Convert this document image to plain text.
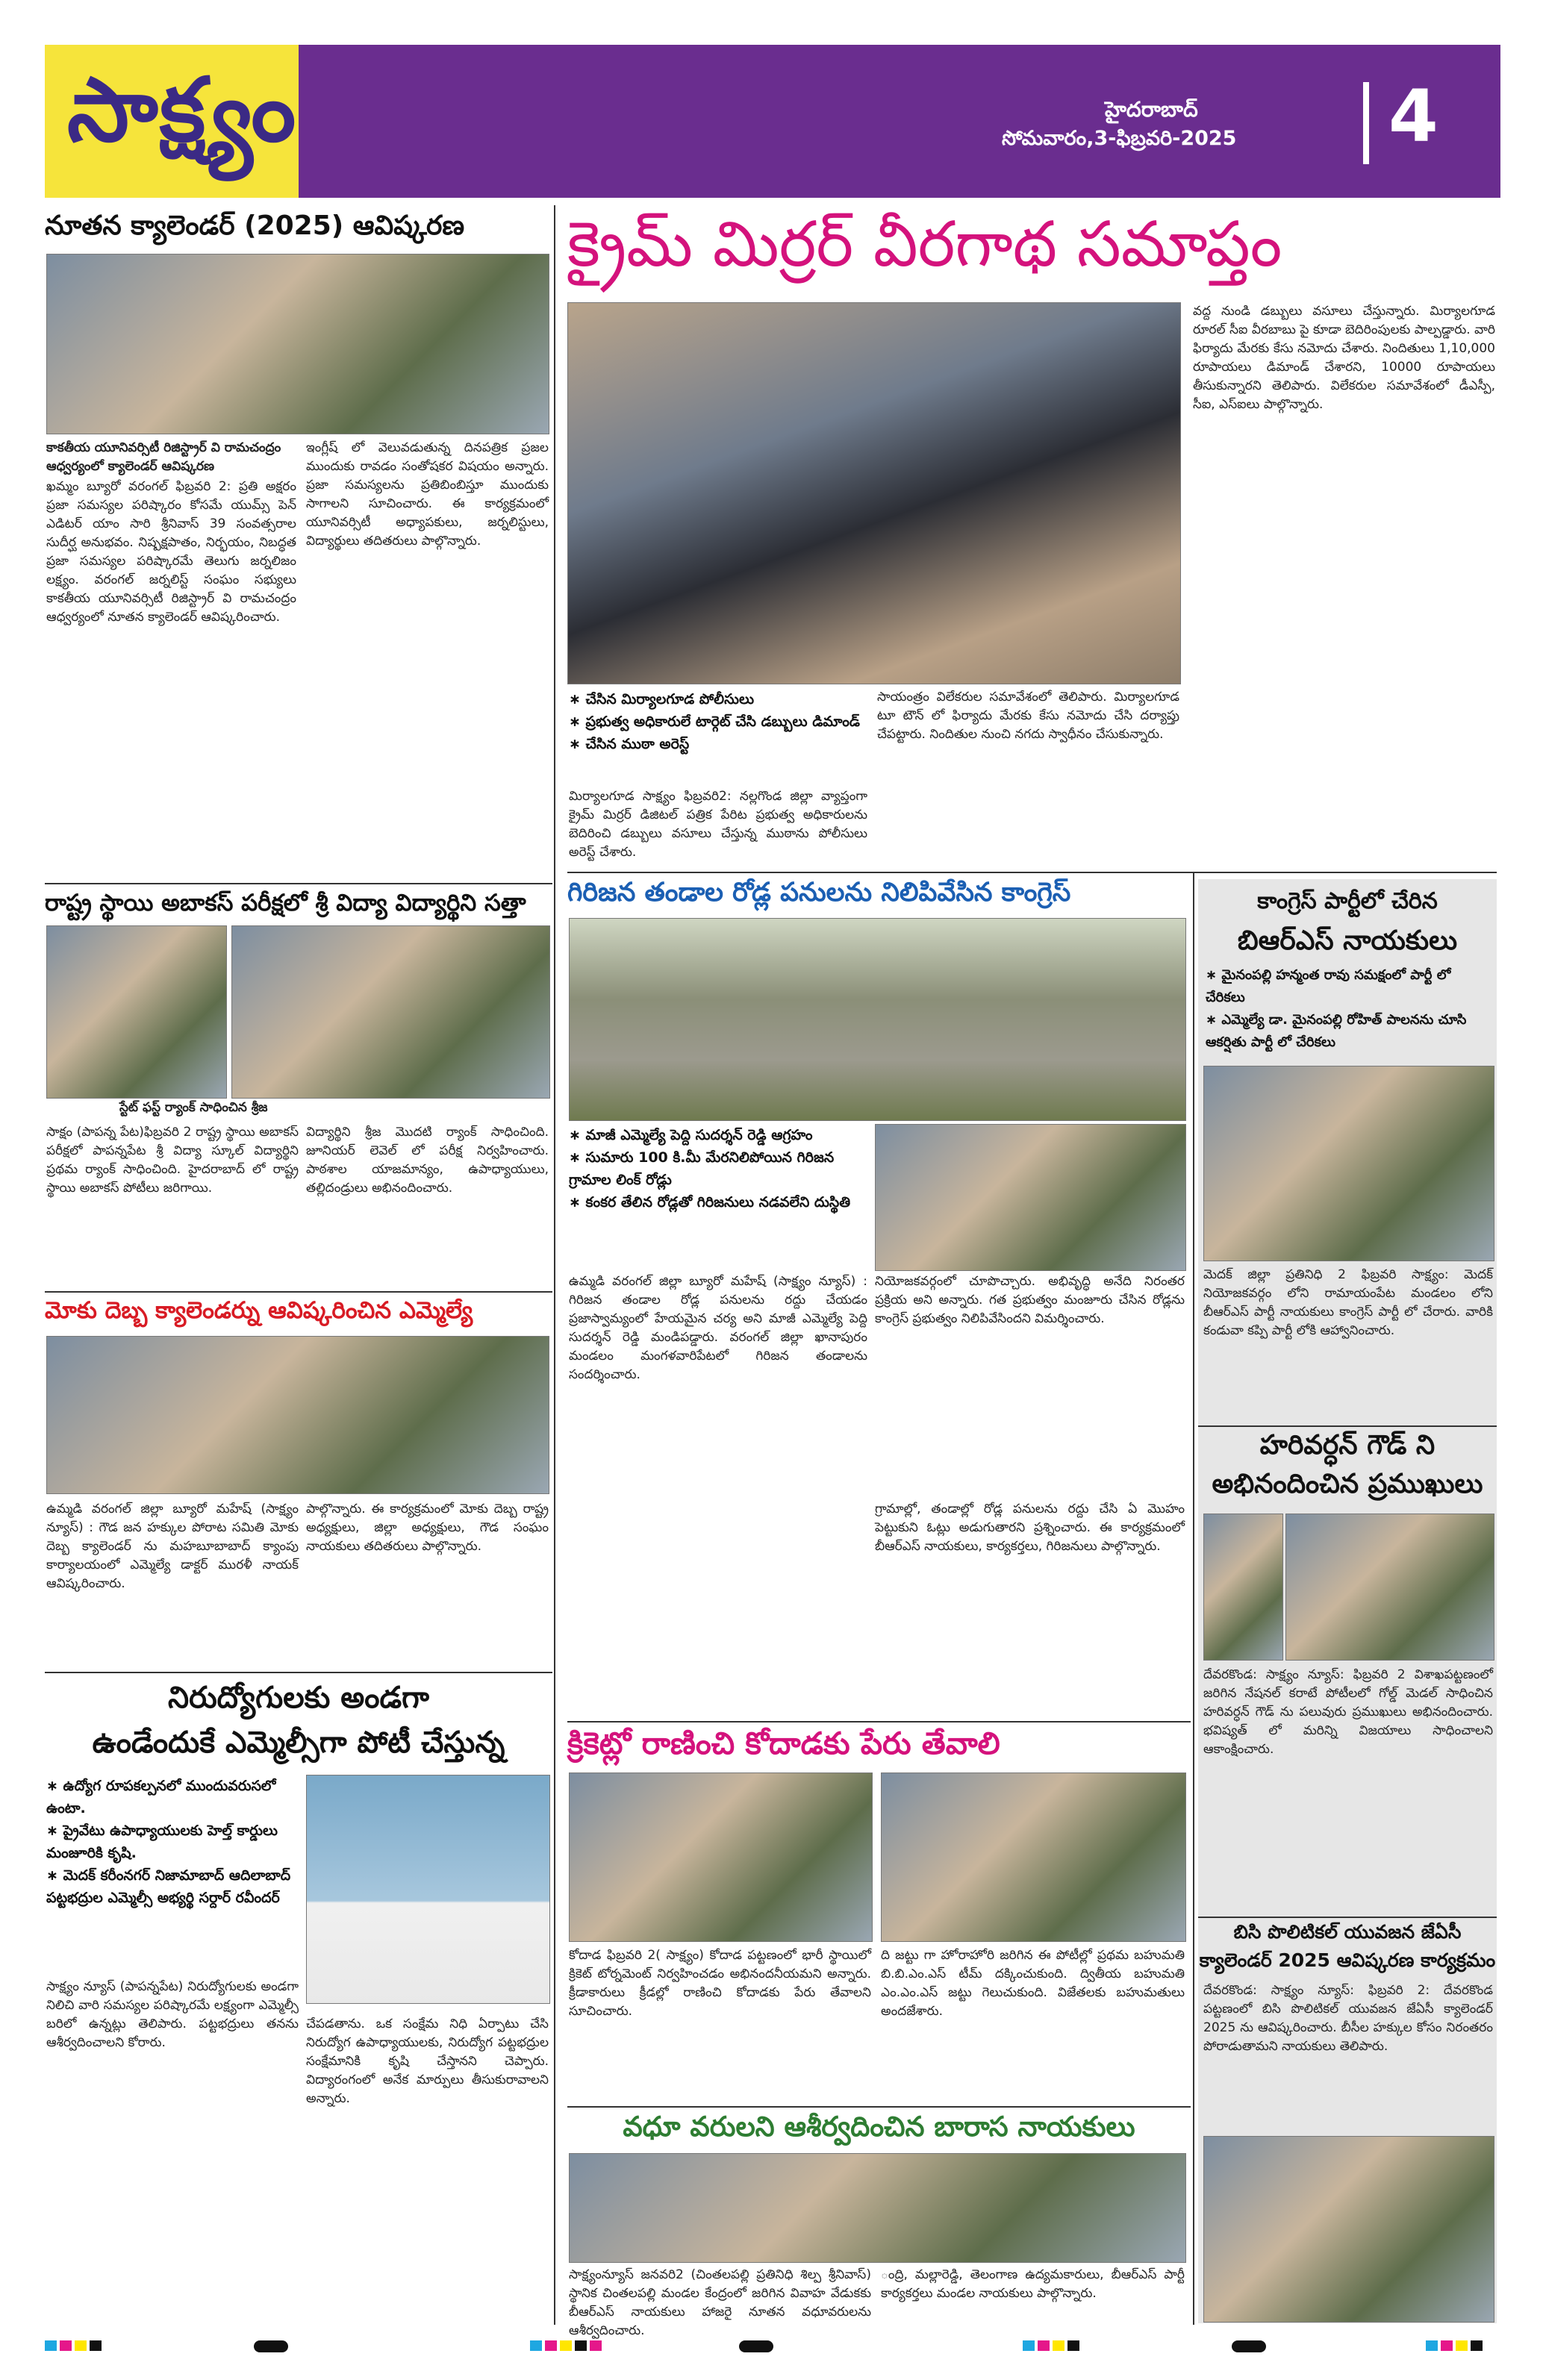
సాక్ష్యం	హైదరాబాద్
సోమవారం,3-ఫిబ్రవరి-2025 4
నూతన క్యాలెండర్ (2025) ఆవిష్కరణ
కాకతీయ యూనివర్సిటీ రిజిస్ట్రార్ వి రామచంద్రం ఆధ్వర్యంలో క్యాలెండర్ ఆవిష్కరణ
ఖమ్మం బ్యూరో వరంగల్ ఫిబ్రవరి 2: ప్రతి అక్షరం ప్రజా సమస్యల పరిష్కారం కోసమే యుమ్స్ పెన్ ఎడిటర్ యాం సారి శ్రీనివాస్ 39 సంవత్సరాల సుదీర్ఘ అనుభవం. నిష్పక్షపాతం, నిర్భయం, నిబద్ధత ప్రజా సమస్యల పరిష్కారమే తెలుగు జర్నలిజం లక్ష్యం. వరంగల్ జర్నలిస్ట్ సంఘం సభ్యులు కాకతీయ యూనివర్సిటీ రిజిస్ట్రార్ వి రామచంద్రం ఆధ్వర్యంలో నూతన క్యాలెండర్ ఆవిష్కరించారు.
ఇంగ్లీష్ లో వెలువడుతున్న దినపత్రిక ప్రజల ముందుకు రావడం సంతోషకర విషయం అన్నారు. ప్రజా సమస్యలను ప్రతిబింబిస్తూ ముందుకు సాగాలని సూచించారు. ఈ కార్యక్రమంలో యూనివర్సిటీ అధ్యాపకులు, జర్నలిస్టులు, విద్యార్థులు తదితరులు పాల్గొన్నారు.
రాష్ట్ర స్థాయి అబాకస్ పరీక్షలో శ్రీ విద్యా విద్యార్థిని సత్తా
స్టేట్ ఫస్ట్ ర్యాంక్ సాధించిన శ్రీజ
సాక్షం (పాపన్న పేట)ఫిబ్రవరి 2 రాష్ట్ర స్థాయి అబాకస్ పరీక్షలో పాపన్నపేట శ్రీ విద్యా స్కూల్ విద్యార్థిని ప్రథమ ర్యాంక్ సాధించింది. హైదరాబాద్ లో రాష్ట్ర స్థాయి అబాకస్ పోటీలు జరిగాయి.
విద్యార్థిని శ్రీజ మొదటి ర్యాంక్ సాధించింది. జూనియర్ లెవెల్ లో పరీక్ష నిర్వహించారు. పాఠశాల యాజమాన్యం, ఉపాధ్యాయులు, తల్లిదండ్రులు అభినందించారు.
మోకు దెబ్బ క్యాలెండర్ను ఆవిష్కరించిన ఎమ్మెల్యే
ఉమ్మడి వరంగల్ జిల్లా బ్యూరో మహేష్ (సాక్ష్యం న్యూస్) : గౌడ జన హక్కుల పోరాట సమితి మోకు దెబ్బ క్యాలెండర్ ను మహబూబాబాద్ క్యాంపు కార్యాలయంలో ఎమ్మెల్యే డాక్టర్ మురళీ నాయక్ ఆవిష్కరించారు.
పాల్గొన్నారు. ఈ కార్యక్రమంలో మోకు దెబ్బ రాష్ట్ర అధ్యక్షులు, జిల్లా అధ్యక్షులు, గౌడ సంఘం నాయకులు తదితరులు పాల్గొన్నారు.
నిరుద్యోగులకు అండగా
ఉండేందుకే ఎమ్మెల్సీగా పోటీ చేస్తున్న
∗ ఉద్యోగ రూపకల్పనలో ముందువరుసలో ఉంటా.
∗ ప్రైవేటు ఉపాధ్యాయులకు హెల్త్ కార్డులు మంజూరికి కృషి.
∗ మెదక్ కరీంనగర్ నిజామాబాద్ ఆదిలాబాద్ పట్టభద్రుల ఎమ్మెల్సీ అభ్యర్థి సర్దార్ రవీందర్
సాక్ష్యం న్యూస్ (పాపన్నపేట) నిరుద్యోగులకు అండగా నిలిచి వారి సమస్యల పరిష్కారమే లక్ష్యంగా ఎమ్మెల్సీ బరిలో ఉన్నట్లు తెలిపారు. పట్టభద్రులు తనను ఆశీర్వదించాలని కోరారు.
చేపడతాను. ఒక సంక్షేమ నిధి ఏర్పాటు చేసి నిరుద్యోగ ఉపాధ్యాయులకు, నిరుద్యోగ పట్టభద్రుల సంక్షేమానికి కృషి చేస్తానని చెప్పారు. విద్యారంగంలో అనేక మార్పులు తీసుకురావాలని అన్నారు.
క్రైమ్ మిర్రర్ వీరగాథ సమాప్తం
∗ చేసిన మిర్యాలగూడ పోలీసులు
∗ ప్రభుత్వ అధికారులే టార్గెట్ చేసి డబ్బులు డిమాండ్
∗ చేసిన ముఠా అరెస్ట్
మిర్యాలగూడ సాక్ష్యం ఫిబ్రవరి2: నల్లగొండ జిల్లా వ్యాప్తంగా క్రైమ్ మిర్రర్ డిజిటల్ పత్రిక పేరిట ప్రభుత్వ అధికారులను బెదిరించి డబ్బులు వసూలు చేస్తున్న ముఠాను పోలీసులు అరెస్ట్ చేశారు.
సాయంత్రం విలేకరుల సమావేశంలో తెలిపారు. మిర్యాలగూడ టూ టౌన్ లో ఫిర్యాదు మేరకు కేసు నమోదు చేసి దర్యాప్తు చేపట్టారు. నిందితుల నుంచి నగదు స్వాధీనం చేసుకున్నారు.
వద్ద నుండి డబ్బులు వసూలు చేస్తున్నారు. మిర్యాలగూడ రూరల్ సీఐ వీరబాబు పై కూడా బెదిరింపులకు పాల్పడ్డారు. వారి ఫిర్యాదు మేరకు కేసు నమోదు చేశారు. నిందితులు 1,10,000 రూపాయలు డిమాండ్ చేశారని, 10000 రూపాయలు తీసుకున్నారని తెలిపారు. విలేకరుల సమావేశంలో డీఎస్పీ, సీఐ, ఎస్ఐలు పాల్గొన్నారు.
గిరిజన తండాల రోడ్ల పనులను నిలిపివేసిన కాంగ్రెస్
∗ మాజీ ఎమ్మెల్యే పెద్ది సుదర్శన్ రెడ్డి ఆగ్రహం
∗ సుమారు 100 కి.మీ మేరనిలిపోయిన గిరిజన గ్రామాల లింక్ రోడ్లు
∗ కంకర తేలిన రోడ్లతో గిరిజనులు నడవలేని దుస్థితి
ఉమ్మడి వరంగల్ జిల్లా బ్యూరో మహేష్ (సాక్ష్యం న్యూస్) : గిరిజన తండాల రోడ్ల పనులను రద్దు చేయడం ప్రజాస్వామ్యంలో హేయమైన చర్య అని మాజీ ఎమ్మెల్యే పెద్ది సుదర్శన్ రెడ్డి మండిపడ్డారు. వరంగల్ జిల్లా ఖానాపురం మండలం మంగళవారిపేటలో గిరిజన తండాలను సందర్శించారు.
నియోజకవర్గంలో చూపొచ్చారు. అభివృద్ధి అనేది నిరంతర ప్రక్రియ అని అన్నారు. గత ప్రభుత్వం మంజూరు చేసిన రోడ్లను కాంగ్రెస్ ప్రభుత్వం నిలిపివేసిందని విమర్శించారు.
గ్రామాల్లో, తండాల్లో రోడ్ల పనులను రద్దు చేసి ఏ మొహం పెట్టుకుని ఓట్లు అడుగుతారని ప్రశ్నించారు. ఈ కార్యక్రమంలో బీఆర్ఎస్ నాయకులు, కార్యకర్తలు, గిరిజనులు పాల్గొన్నారు.
క్రికెట్లో రాణించి కోదాడకు పేరు తేవాలి
కోదాడ ఫిబ్రవరి 2( సాక్ష్యం) కోదాడ పట్టణంలో భారీ స్థాయిలో క్రికెట్ టోర్నమెంట్ నిర్వహించడం అభినందనీయమని అన్నారు. క్రీడాకారులు క్రీడల్లో రాణించి కోదాడకు పేరు తేవాలని సూచించారు.
ది జట్టు గా హోరాహోరి జరిగిన ఈ పోటీల్లో ప్రథమ బహుమతి బి.బి.ఎం.ఎస్ టీమ్ దక్కించుకుంది. ద్వితీయ బహుమతి ఎం.ఎం.ఎస్ జట్టు గెలుచుకుంది. విజేతలకు బహుమతులు అందజేశారు.
వధూ వరులని ఆశీర్వదించిన బారాస నాయకులు
సాక్ష్యంన్యూస్ జనవరి2 (చింతలపల్లి ప్రతినిధి శిల్ప శ్రీనివాస్) స్థానిక చింతలపల్లి మండల కేంద్రంలో జరిగిన వివాహ వేడుకకు బీఆర్ఎస్ నాయకులు హాజరై నూతన వధూవరులను ఆశీర్వదించారు.
ంద్రి, మల్లారెడ్డి, తెలంగాణ ఉద్యమకారులు, బీఆర్ఎస్ పార్టీ కార్యకర్తలు మండల నాయకులు పాల్గొన్నారు.
కాంగ్రెస్ పార్టీలో చేరిన
బిఆర్ఎస్ నాయకులు
∗ మైనంపల్లి హన్మంత రావు సమక్షంలో పార్టీ లో చేరికలు
∗ ఎమ్మెల్యే డా. మైనంపల్లి రోహిత్ పాలనను చూసి ఆకర్షితు పార్టీ లో చేరికలు
మెదక్ జిల్లా ప్రతినిధి 2 ఫిబ్రవరి సాక్ష్యం: మెదక్ నియోజకవర్గం లోని రామాయంపేట మండలం లోని బీఆర్ఎస్ పార్టీ నాయకులు కాంగ్రెస్ పార్టీ లో చేరారు. వారికి కండువా కప్పి పార్టీ లోకి ఆహ్వానించారు.
హరివర్ధన్ గౌడ్ ని
అభినందించిన ప్రముఖులు
దేవరకొండ: సాక్ష్యం న్యూస్: ఫిబ్రవరి 2 విశాఖపట్టణంలో జరిగిన నేషనల్ కరాటే పోటీలలో గోల్డ్ మెడల్ సాధించిన హరివర్ధన్ గౌడ్ ను పలువురు ప్రముఖులు అభినందించారు. భవిష్యత్ లో మరిన్ని విజయాలు సాధించాలని ఆకాంక్షించారు.
బిసి పొలిటికల్ యువజన జేఏసీ
క్యాలెండర్ 2025 ఆవిష్కరణ కార్యక్రమం
దేవరకొండ: సాక్ష్యం న్యూస్: ఫిబ్రవరి 2: దేవరకొండ పట్టణంలో బిసి పొలిటికల్ యువజన జేఏసీ క్యాలెండర్ 2025 ను ఆవిష్కరించారు. బీసీల హక్కుల కోసం నిరంతరం పోరాడుతామని నాయకులు తెలిపారు.
